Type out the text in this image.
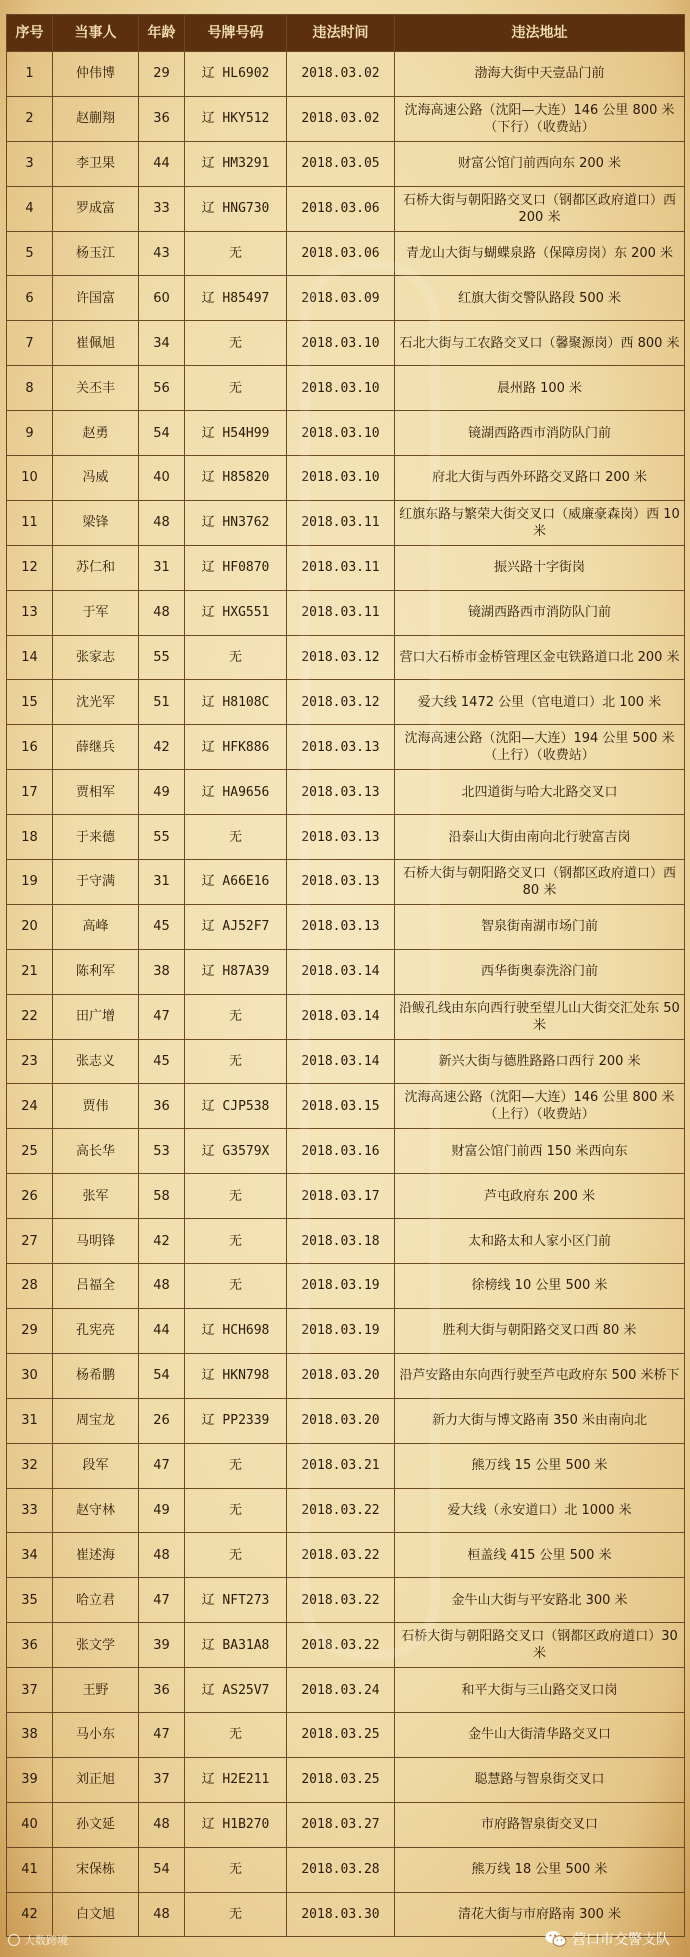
序号	当事人	年龄	号牌号码	违法时间	违法地址
1	仲伟博	29	辽 HL6902	2018.03.02	渤海大街中天壹品门前
2	赵蒯翔	36	辽 HKY512	2018.03.02	沈海高速公路（沈阳—大连）146 公里 800 米（下行）（收费站）
3	李卫果	44	辽 HM3291	2018.03.05	财富公馆门前西向东 200 米
4	罗成富	33	辽 HNG730	2018.03.06	石桥大街与朝阳路交叉口（钢都区政府道口）西 200 米
5	杨玉江	43	无	2018.03.06	青龙山大街与蝴蝶泉路（保障房岗）东 200 米
6	许国富	60	辽 H85497	2018.03.09	红旗大街交警队路段 500 米
7	崔佩旭	34	无	2018.03.10	石北大街与工农路交叉口（馨聚源岗）西 800 米
8	关丕丰	56	无	2018.03.10	晨州路 100 米
9	赵勇	54	辽 H54H99	2018.03.10	镜湖西路西市消防队门前
10	冯威	40	辽 H85820	2018.03.10	府北大街与西外环路交叉路口 200 米
11	梁锋	48	辽 HN3762	2018.03.11	红旗东路与繁荣大街交叉口（威廉豪森岗）西 10 米
12	苏仁和	31	辽 HF0870	2018.03.11	振兴路十字街岗
13	于军	48	辽 HXG551	2018.03.11	镜湖西路西市消防队门前
14	张家志	55	无	2018.03.12	营口大石桥市金桥管理区金屯铁路道口北 200 米
15	沈光军	51	辽 H8108C	2018.03.12	爱大线 1472 公里（官电道口）北 100 米
16	薛继兵	42	辽 HFK886	2018.03.13	沈海高速公路（沈阳—大连）194 公里 500 米（上行）（收费站）
17	贾相军	49	辽 HA9656	2018.03.13	北四道街与哈大北路交叉口
18	于来德	55	无	2018.03.13	沿泰山大街由南向北行驶富吉岗
19	于守满	31	辽 A66E16	2018.03.13	石桥大街与朝阳路交叉口（钢都区政府道口）西 80 米
20	高峰	45	辽 AJ52F7	2018.03.13	智泉街南湖市场门前
21	陈利军	38	辽 H87A39	2018.03.14	西华街奥泰洗浴门前
22	田广增	47	无	2018.03.14	沿鲅孔线由东向西行驶至望儿山大街交汇处东 50 米
23	张志义	45	无	2018.03.14	新兴大街与德胜路路口西行 200 米
24	贾伟	36	辽 CJP538	2018.03.15	沈海高速公路（沈阳—大连）146 公里 800 米（上行）（收费站）
25	高长华	53	辽 G3579X	2018.03.16	财富公馆门前西 150 米西向东
26	张军	58	无	2018.03.17	芦屯政府东 200 米
27	马明锋	42	无	2018.03.18	太和路太和人家小区门前
28	吕福全	48	无	2018.03.19	徐榜线 10 公里 500 米
29	孔宪亮	44	辽 HCH698	2018.03.19	胜利大街与朝阳路交叉口西 80 米
30	杨希鹏	54	辽 HKN798	2018.03.20	沿芦安路由东向西行驶至芦屯政府东 500 米桥下
31	周宝龙	26	辽 PP2339	2018.03.20	新力大街与博文路南 350 米由南向北
32	段军	47	无	2018.03.21	熊万线 15 公里 500 米
33	赵守林	49	无	2018.03.22	爱大线（永安道口）北 1000 米
34	崔述海	48	无	2018.03.22	桓盖线 415 公里 500 米
35	哈立君	47	辽 NFT273	2018.03.22	金牛山大街与平安路北 300 米
36	张文学	39	辽 BA31A8	2018.03.22	石桥大街与朝阳路交叉口（钢都区政府道口）30 米
37	王野	36	辽 AS25V7	2018.03.24	和平大街与三山路交叉口岗
38	马小东	47	无	2018.03.25	金牛山大街清华路交叉口
39	刘正旭	37	辽 H2E211	2018.03.25	聪慧路与智泉街交叉口
40	孙文延	48	辽 H1B270	2018.03.27	市府路智泉街交叉口
41	宋保栋	54	无	2018.03.28	熊万线 18 公里 500 米
42	白文旭	48	无	2018.03.30	清花大街与市府路南 300 米
大数跨境	营口市交警支队
